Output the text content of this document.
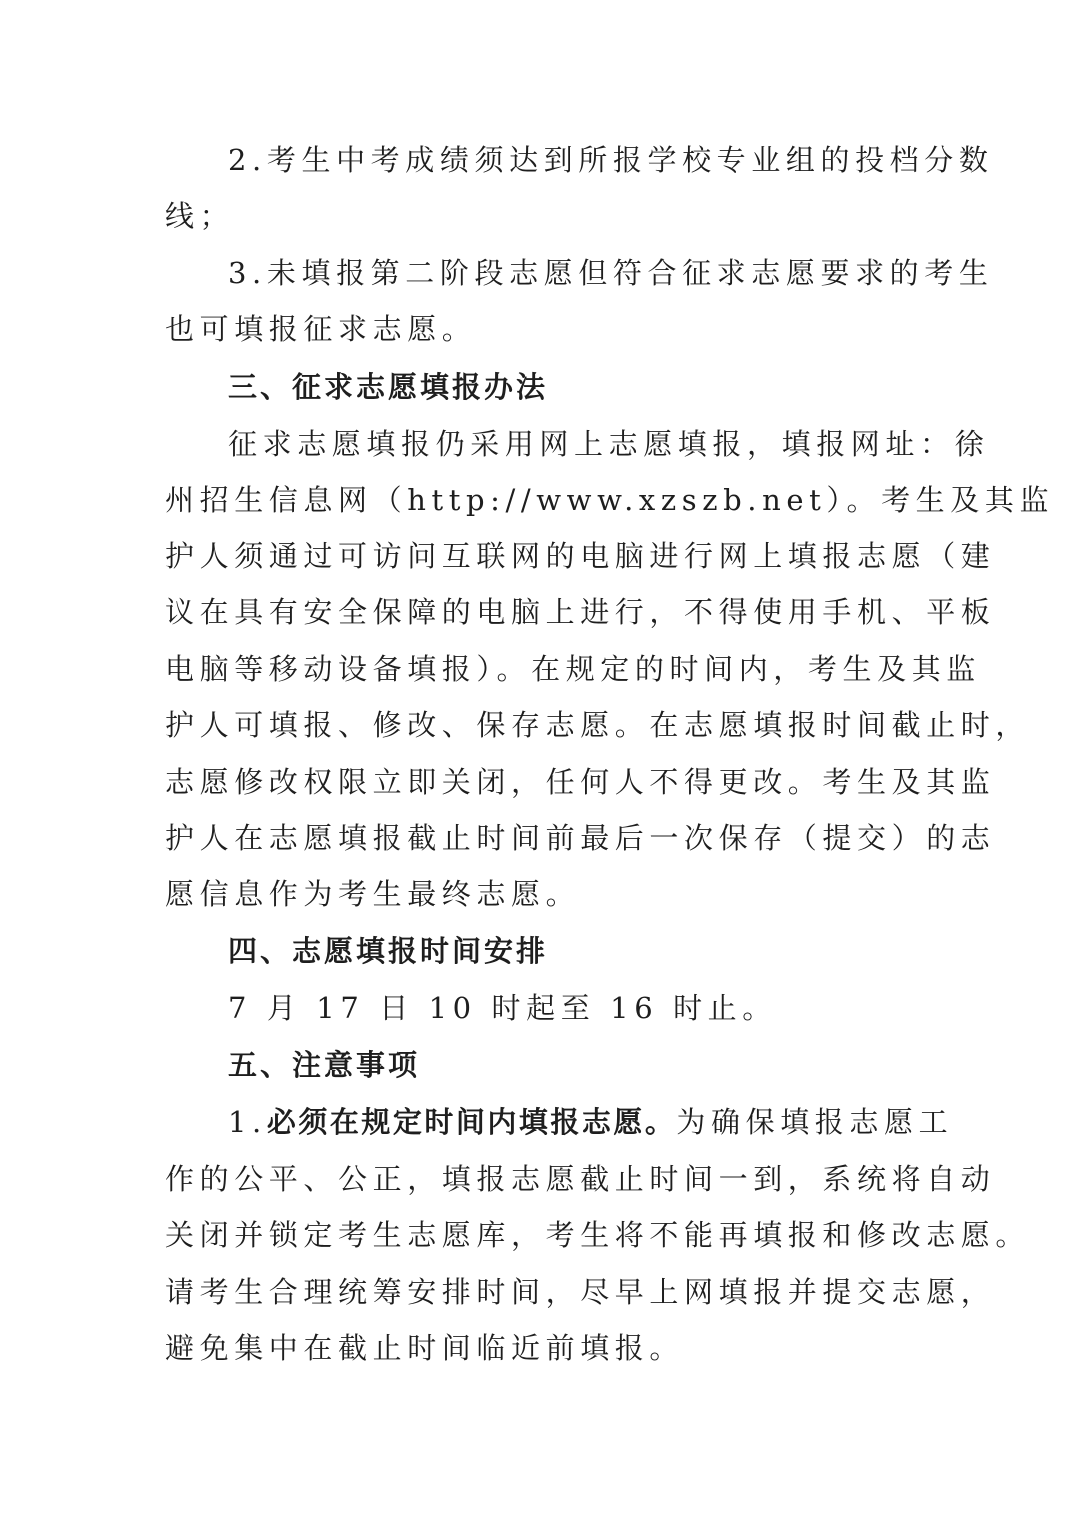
2.考生中考成绩须达到所报学校专业组的投档分数
线；
3.未填报第二阶段志愿但符合征求志愿要求的考生
也可填报征求志愿。
三、征求志愿填报办法
征求志愿填报仍采用网上志愿填报，填报网址：徐
州招生信息网（http://www.xzszb.net）。考生及其监
护人须通过可访问互联网的电脑进行网上填报志愿（建
议在具有安全保障的电脑上进行，不得使用手机、平板
电脑等移动设备填报）。在规定的时间内，考生及其监
护人可填报、修改、保存志愿。在志愿填报时间截止时，
志愿修改权限立即关闭，任何人不得更改。考生及其监
护人在志愿填报截止时间前最后一次保存（提交）的志
愿信息作为考生最终志愿。
四、志愿填报时间安排
7 月 17 日 10 时起至 16 时止。
五、注意事项
1.必须在规定时间内填报志愿。为确保填报志愿工
作的公平、公正，填报志愿截止时间一到，系统将自动
关闭并锁定考生志愿库，考生将不能再填报和修改志愿。
请考生合理统筹安排时间，尽早上网填报并提交志愿，
避免集中在截止时间临近前填报。
